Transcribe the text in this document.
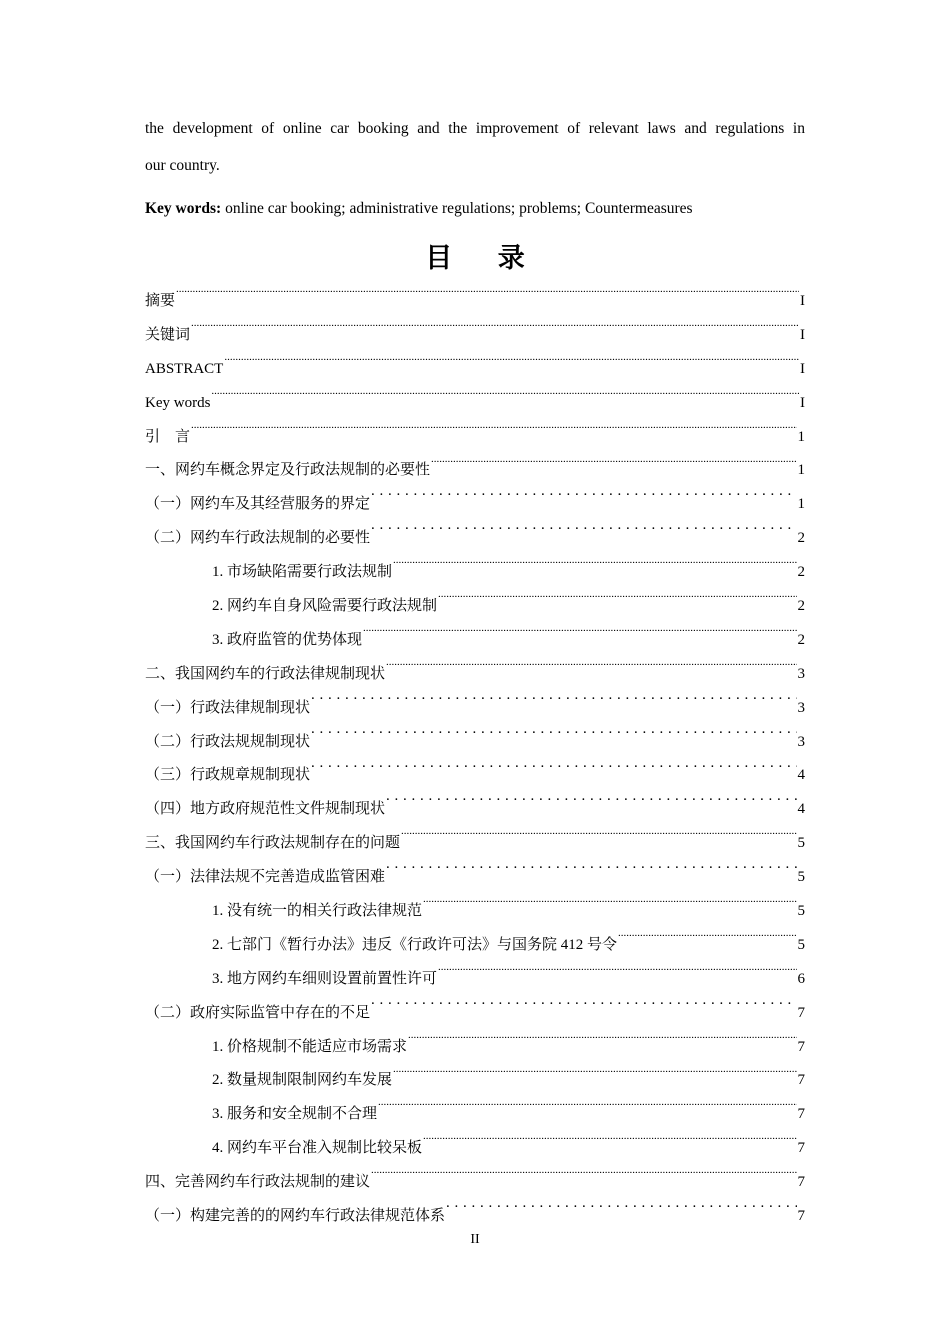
the development of online car booking and the improvement of relevant laws and regulations in
our country.
Key words: online car booking; administrative regulations; problems; Countermeasures
目 录
摘要 .....	I
关键词 .....	I
ABSTRACT .....	I
Key words .....	I
引　言 .....	1
一、网约车概念界定及行政法规制的必要性 .....	1
（一）网约车及其经营服务的界定 . . .	1
（二）网约车行政法规制的必要性 . . .	2
1. 市场缺陷需要行政法规制 .....	2
2. 网约车自身风险需要行政法规制 .....	2
3. 政府监管的优势体现 .....	2
二、我国网约车的行政法律规制现状 .....	3
（一）行政法律规制现状 . . .	3
（二）行政法规规制现状 . . .	3
（三）行政规章规制现状 . . .	4
（四）地方政府规范性文件规制现状 . . .	4
三、我国网约车行政法规制存在的问题 .....	5
（一）法律法规不完善造成监管困难 . . .	5
1. 没有统一的相关行政法律规范 .....	5
2. 七部门《暂行办法》违反《行政许可法》与国务院 412 号令 .....	5
3. 地方网约车细则设置前置性许可 .....	6
（二）政府实际监管中存在的不足 . . .	7
1. 价格规制不能适应市场需求 .....	7
2. 数量规制限制网约车发展 .....	7
3. 服务和安全规制不合理 .....	7
4. 网约车平台准入规制比较呆板 .....	7
四、完善网约车行政法规制的建议 .....	7
（一）构建完善的的网约车行政法律规范体系 . . .	7
II
